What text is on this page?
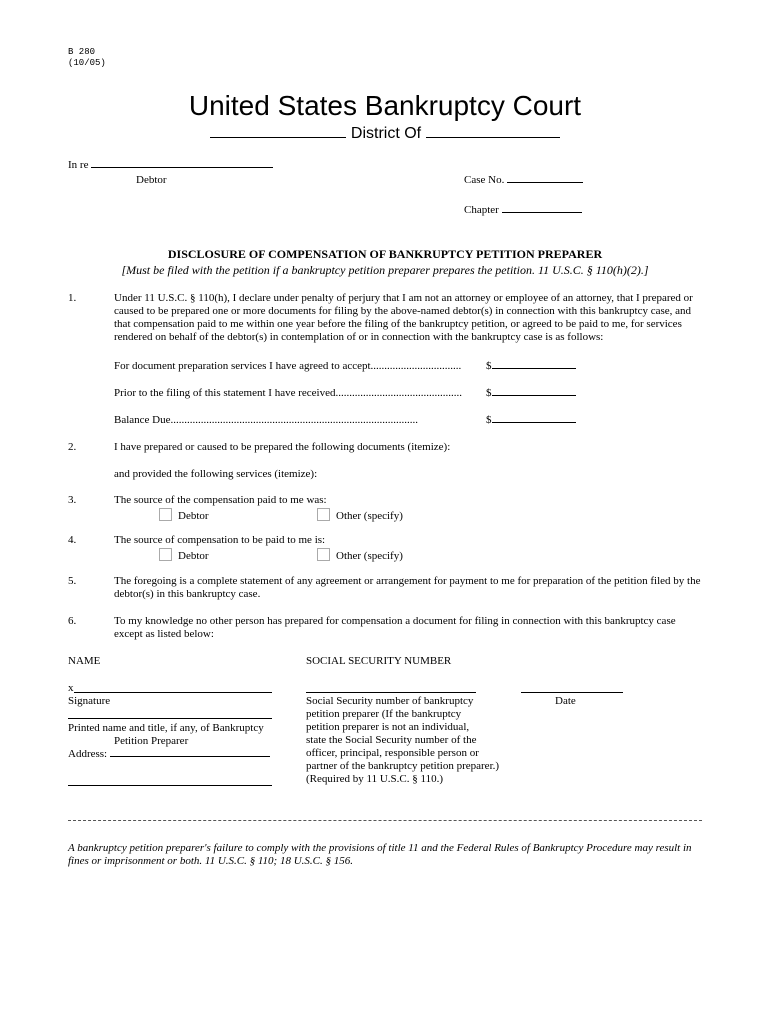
B 280
(10/05)
United States Bankruptcy Court
District Of
In re
Debtor	Case No.
Chapter
DISCLOSURE OF COMPENSATION OF BANKRUPTCY PETITION PREPARER
[Must be filed with the petition if a bankruptcy petition preparer prepares the petition. 11 U.S.C. § 110(h)(2).]
1.	Under 11 U.S.C. § 110(h), I declare under penalty of perjury that I am not an attorney or employee of an attorney, that I prepared or caused to be prepared one or more documents for filing by the above-named debtor(s) in connection with this bankruptcy case, and that compensation paid to me within one year before the filing of the bankruptcy petition, or agreed to be paid to me, for services rendered on behalf of the debtor(s) in contemplation of or in connection with the bankruptcy case is as follows:
For document preparation services I have agreed to accept................................. $
Prior to the filing of this statement I have received.............................................. $
Balance Due..........................................................................................	$
2.	I have prepared or caused to be prepared the following documents (itemize):
and provided the following services (itemize):
3.	The source of the compensation paid to me was:
Debtor	Other (specify)
4.	The source of compensation to be paid to me is:
Debtor	Other (specify)
5.	The foregoing is a complete statement of any agreement or arrangement for payment to me for preparation of the petition filed by the debtor(s) in this bankruptcy case.
6.	To my knowledge no other person has prepared for compensation a document for filing in connection with this bankruptcy case except as listed below:
NAME	SOCIAL SECURITY NUMBER
x
Signature	Date
Printed name and title, if any, of Bankruptcy
Petition Preparer
Address:
Social Security number of bankruptcy
petition preparer (If the bankruptcy
petition preparer is not an individual,
state the Social Security number of the
officer, principal, responsible person or
partner of the bankruptcy petition preparer.)
(Required by 11 U.S.C. § 110.)
A bankruptcy petition preparer's failure to comply with the provisions of title 11 and the Federal Rules of Bankruptcy Procedure may result in fines or imprisonment or both. 11 U.S.C. § 110; 18 U.S.C. § 156.
